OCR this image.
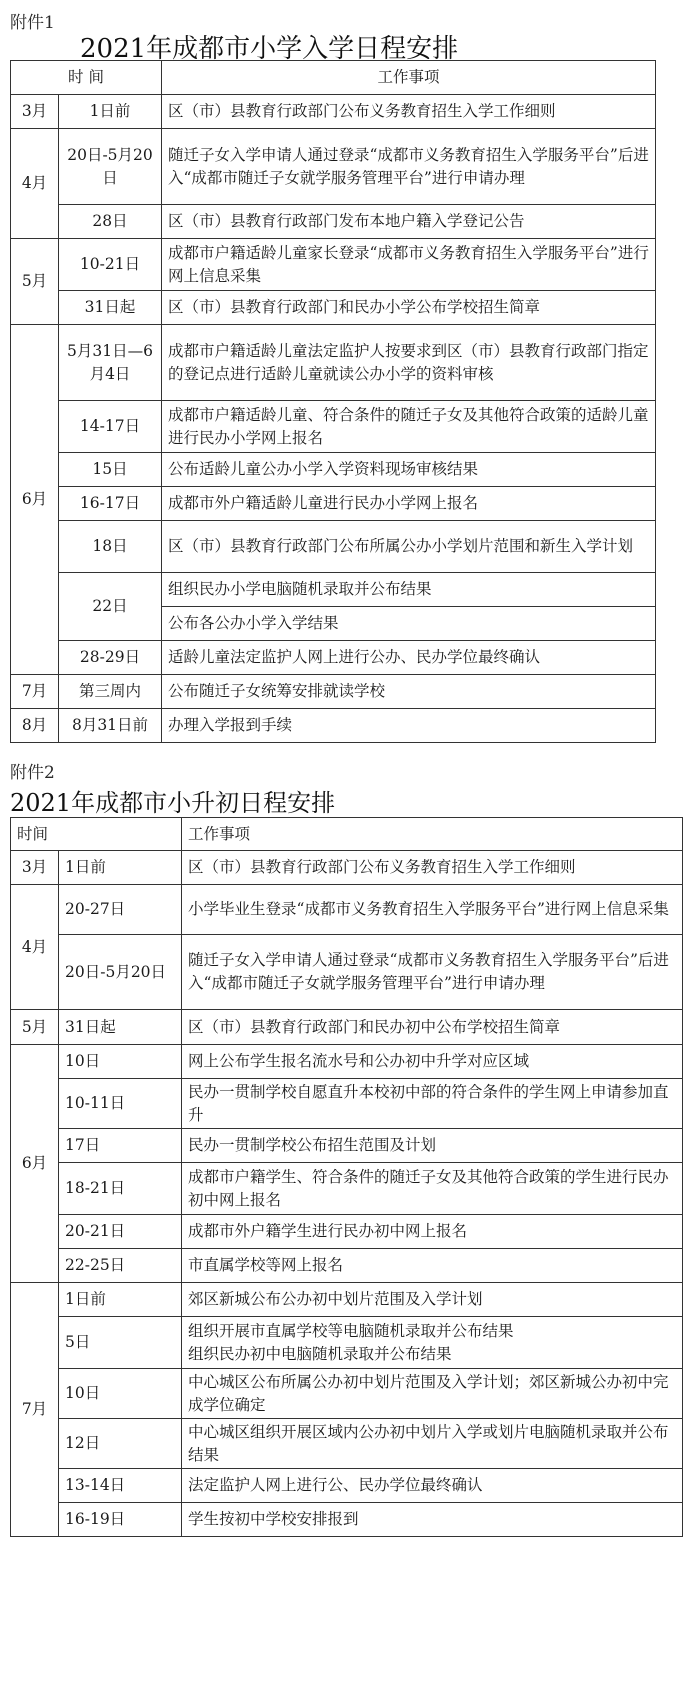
附件1
2021年成都市小学入学日程安排
时 间		工作事项
3月	1日前	区（市）县教育行政部门公布义务教育招生入学工作细则
4月	20日-5月20日	随迁子女入学申请人通过登录“成都市义务教育招生入学服务平台”后进入“成都市随迁子女就学服务管理平台”进行申请办理
	28日	区（市）县教育行政部门发布本地户籍入学登记公告
5月	10-21日	成都市户籍适龄儿童家长登录“成都市义务教育招生入学服务平台”进行网上信息采集
	31日起	区（市）县教育行政部门和民办小学公布学校招生简章
6月	5月31日—6月4日	成都市户籍适龄儿童法定监护人按要求到区（市）县教育行政部门指定的登记点进行适龄儿童就读公办小学的资料审核
	14-17日	成都市户籍适龄儿童、符合条件的随迁子女及其他符合政策的适龄儿童进行民办小学网上报名
	15日	公布适龄儿童公办小学入学资料现场审核结果
	16-17日	成都市外户籍适龄儿童进行民办小学网上报名
	18日	区（市）县教育行政部门公布所属公办小学划片范围和新生入学计划
	22日	组织民办小学电脑随机录取并公布结果
		公布各公办小学入学结果
	28-29日	适龄儿童法定监护人网上进行公办、民办学位最终确认
7月	第三周内	公布随迁子女统筹安排就读学校
8月	8月31日前	办理入学报到手续
附件2
2021年成都市小升初日程安排
时间		工作事项
3月	1日前	区（市）县教育行政部门公布义务教育招生入学工作细则
4月	20-27日	小学毕业生登录“成都市义务教育招生入学服务平台”进行网上信息采集
	20日-5月20日	随迁子女入学申请人通过登录“成都市义务教育招生入学服务平台”后进入“成都市随迁子女就学服务管理平台”进行申请办理
5月	31日起	区（市）县教育行政部门和民办初中公布学校招生简章
6月	10日	网上公布学生报名流水号和公办初中升学对应区域
	10-11日	民办一贯制学校自愿直升本校初中部的符合条件的学生网上申请参加直升
	17日	民办一贯制学校公布招生范围及计划
	18-21日	成都市户籍学生、符合条件的随迁子女及其他符合政策的学生进行民办初中网上报名
	20-21日	成都市外户籍学生进行民办初中网上报名
	22-25日	市直属学校等网上报名
7月	1日前	郊区新城公布公办初中划片范围及入学计划
	5日	组织开展市直属学校等电脑随机录取并公布结果
组织民办初中电脑随机录取并公布结果

	10日	中心城区公布所属公办初中划片范围及入学计划；郊区新城公办初中完成学位确定
	12日	中心城区组织开展区域内公办初中划片入学或划片电脑随机录取并公布结果
	13-14日	法定监护人网上进行公、民办学位最终确认
	16-19日	学生按初中学校安排报到
